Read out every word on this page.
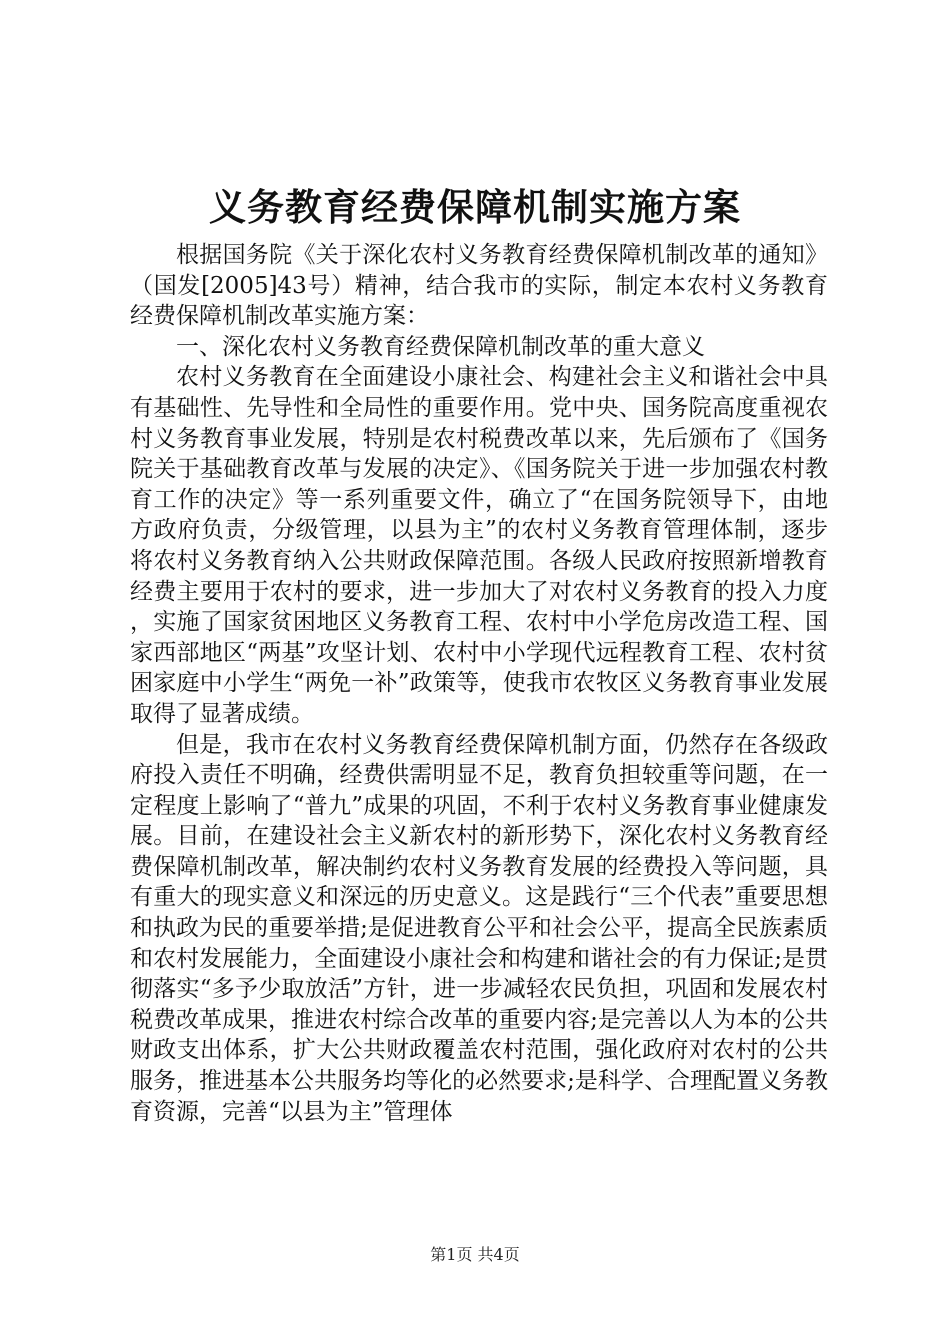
义务教育经费保障机制实施方案

根据国务院《关于深化农村义务教育经费保障机制改革的通知》（国发[2005]43号）精神，结合我市的实际，制定本农村义务教育经费保障机制改革实施方案：

一、深化农村义务教育经费保障机制改革的重大意义

农村义务教育在全面建设小康社会、构建社会主义和谐社会中具有基础性、先导性和全局性的重要作用。党中央、国务院高度重视农村义务教育事业发展，特别是农村税费改革以来，先后颁布了《国务院关于基础教育改革与发展的决定》、《国务院关于进一步加强农村教育工作的决定》等一系列重要文件，确立了“在国务院领导下，由地方政府负责，分级管理，以县为主”的农村义务教育管理体制，逐步将农村义务教育纳入公共财政保障范围。各级人民政府按照新增教育经费主要用于农村的要求，进一步加大了对农村义务教育的投入力度，实施了国家贫困地区义务教育工程、农村中小学危房改造工程、国家西部地区“两基”攻坚计划、农村中小学现代远程教育工程、农村贫困家庭中小学生“两免一补”政策等，使我市农牧区义务教育事业发展取得了显著成绩。

但是，我市在农村义务教育经费保障机制方面，仍然存在各级政府投入责任不明确，经费供需明显不足，教育负担较重等问题，在一定程度上影响了“普九”成果的巩固，不利于农村义务教育事业健康发展。目前，在建设社会主义新农村的新形势下，深化农村义务教育经费保障机制改革，解决制约农村义务教育发展的经费投入等问题，具有重大的现实意义和深远的历史意义。这是践行“三个代表”重要思想和执政为民的重要举措;是促进教育公平和社会公平，提高全民族素质和农村发展能力，全面建设小康社会和构建和谐社会的有力保证;是贯彻落实“多予少取放活”方针，进一步减轻农民负担，巩固和发展农村税费改革成果，推进农村综合改革的重要内容;是完善以人为本的公共财政支出体系，扩大公共财政覆盖农村范围，强化政府对农村的公共服务，推进基本公共服务均等化的必然要求;是科学、合理配置义务教育资源，完善“以县为主”管理体

第1页 共4页
